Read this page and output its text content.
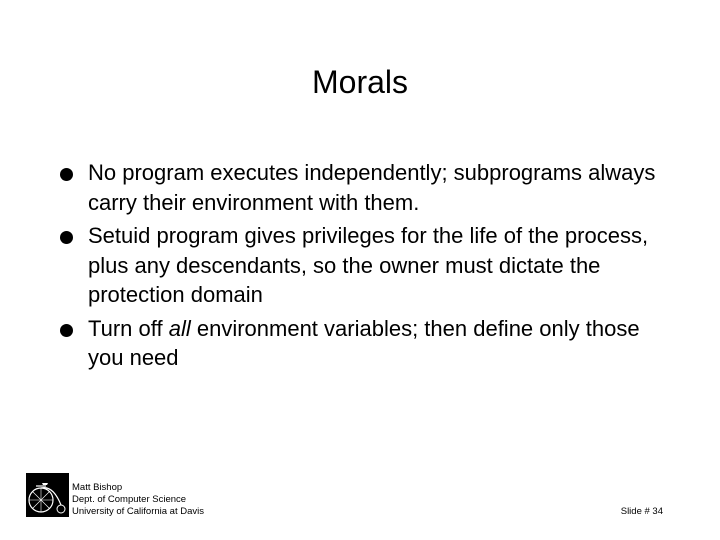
Morals
No program executes independently; subprograms always carry their environment with them.
Setuid program gives privileges for the life of the process, plus any descendants, so the owner must dictate the protection domain
Turn off all environment variables; then define only those you need
Matt Bishop
Dept. of Computer Science
University of California at Davis	Slide # 34
